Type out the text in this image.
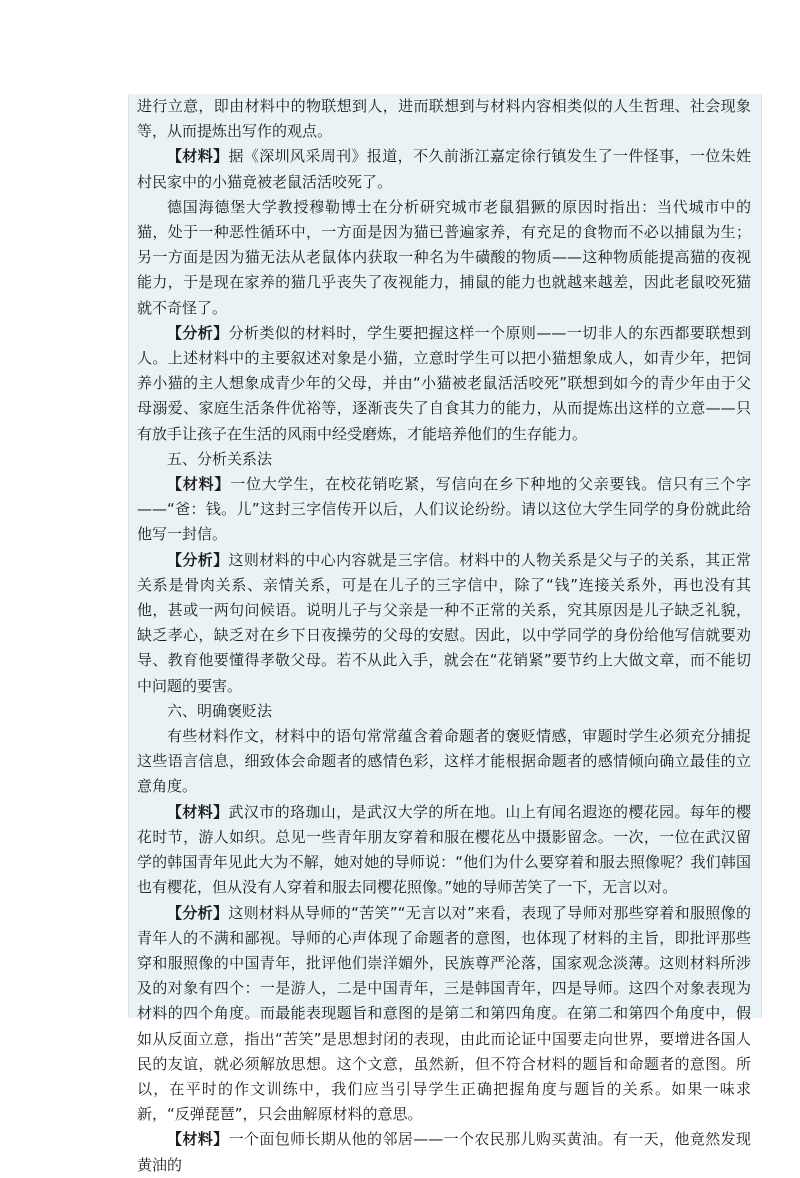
进行立意，即由材料中的物联想到人，进而联想到与材料内容相类似的人生哲理、社会现象等，从而提炼出写作的观点。

【材料】据《深圳风采周刊》报道，不久前浙江嘉定徐行镇发生了一件怪事，一位朱姓村民家中的小猫竟被老鼠活活咬死了。

德国海德堡大学教授穆勒博士在分析研究城市老鼠猖獗的原因时指出：当代城市中的猫，处于一种恶性循环中，一方面是因为猫已普遍家养，有充足的食物而不必以捕鼠为生；另一方面是因为猫无法从老鼠体内获取一种名为牛磺酸的物质——这种物质能提高猫的夜视能力，于是现在家养的猫几乎丧失了夜视能力，捕鼠的能力也就越来越差，因此老鼠咬死猫就不奇怪了。

【分析】分析类似的材料时，学生要把握这样一个原则——一切非人的东西都要联想到人。上述材料中的主要叙述对象是小猫，立意时学生可以把小猫想象成人，如青少年，把饲养小猫的主人想象成青少年的父母，并由“小猫被老鼠活活咬死”联想到如今的青少年由于父母溺爱、家庭生活条件优裕等，逐渐丧失了自食其力的能力，从而提炼出这样的立意——只有放手让孩子在生活的风雨中经受磨炼，才能培养他们的生存能力。

五、分析关系法

【材料】一位大学生，在校花销吃紧，写信向在乡下种地的父亲要钱。信只有三个字——“爸：钱。儿”这封三字信传开以后，人们议论纷纷。请以这位大学生同学的身份就此给他写一封信。

【分析】这则材料的中心内容就是三字信。材料中的人物关系是父与子的关系，其正常关系是骨肉关系、亲情关系，可是在儿子的三字信中，除了“钱”连接关系外，再也没有其他，甚或一两句问候语。说明儿子与父亲是一种不正常的关系，究其原因是儿子缺乏礼貌，缺乏孝心，缺乏对在乡下日夜操劳的父母的安慰。因此，以中学同学的身份给他写信就要劝导、教育他要懂得孝敬父母。若不从此入手，就会在“花销紧”要节约上大做文章，而不能切中问题的要害。

六、明确褒贬法

有些材料作文，材料中的语句常常蕴含着命题者的褒贬情感，审题时学生必须充分捕捉这些语言信息，细致体会命题者的感情色彩，这样才能根据命题者的感情倾向确立最佳的立意角度。

【材料】武汉市的珞珈山，是武汉大学的所在地。山上有闻名遐迩的樱花园。每年的樱花时节，游人如织。总见一些青年朋友穿着和服在樱花丛中摄影留念。一次，一位在武汉留学的韩国青年见此大为不解，她对她的导师说：“他们为什么要穿着和服去照像呢？我们韩国也有樱花，但从没有人穿着和服去同樱花照像。”她的导师苦笑了一下，无言以对。

【分析】这则材料从导师的“苦笑”“无言以对”来看，表现了导师对那些穿着和服照像的青年人的不满和鄙视。导师的心声体现了命题者的意图，也体现了材料的主旨，即批评那些穿和服照像的中国青年，批评他们崇洋媚外，民族尊严沦落，国家观念淡薄。这则材料所涉及的对象有四个：一是游人，二是中国青年，三是韩国青年，四是导师。这四个对象表现为材料的四个角度。而最能表现题旨和意图的是第二和第四角度。在第二和第四个角度中，假如从反面立意，指出“苦笑”是思想封闭的表现，由此而论证中国要走向世界，要增进各国人民的友谊，就必须解放思想。这个文意，虽然新，但不符合材料的题旨和命题者的意图。所以，在平时的作文训练中，我们应当引导学生正确把握角度与题旨的关系。如果一味求新，“反弹琵琶”，只会曲解原材料的意思。

【材料】一个面包师长期从他的邻居——一个农民那儿购买黄油。有一天，他竟然发现黄油的
